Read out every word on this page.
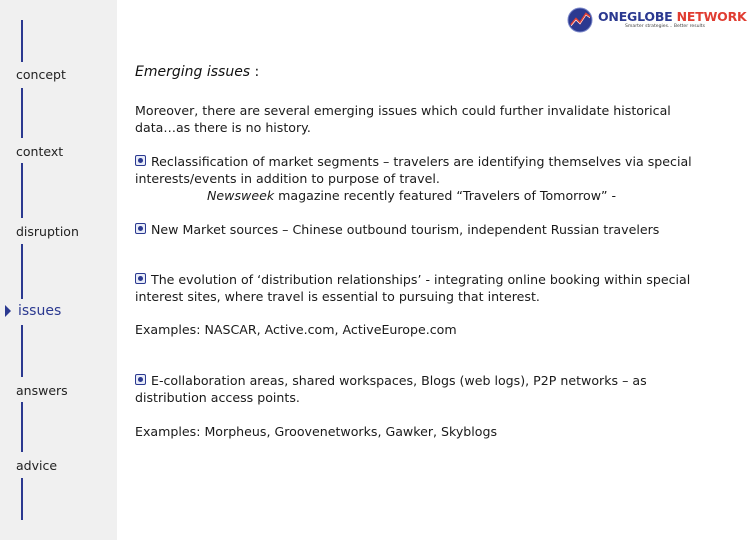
concept
context
disruption
issues
answers
advice
ONEGLOBE NETWORK
Smarter strategies... Better results
Emerging issues :
Moreover, there are several emerging issues which could further invalidate historical data…as there is no history.
Reclassification of market segments – travelers are identifying themselves via special interests/events in addition to purpose of travel.
Newsweek magazine recently featured “Travelers of Tomorrow” -
New Market sources – Chinese outbound tourism, independent Russian travelers
The evolution of ‘distribution relationships’ - integrating online booking within special interest sites, where travel is essential to pursuing that interest.
Examples: NASCAR, Active.com, ActiveEurope.com
E-collaboration areas, shared workspaces, Blogs (web logs), P2P networks – as distribution access points.
Examples: Morpheus, Groovenetworks, Gawker, Skyblogs
